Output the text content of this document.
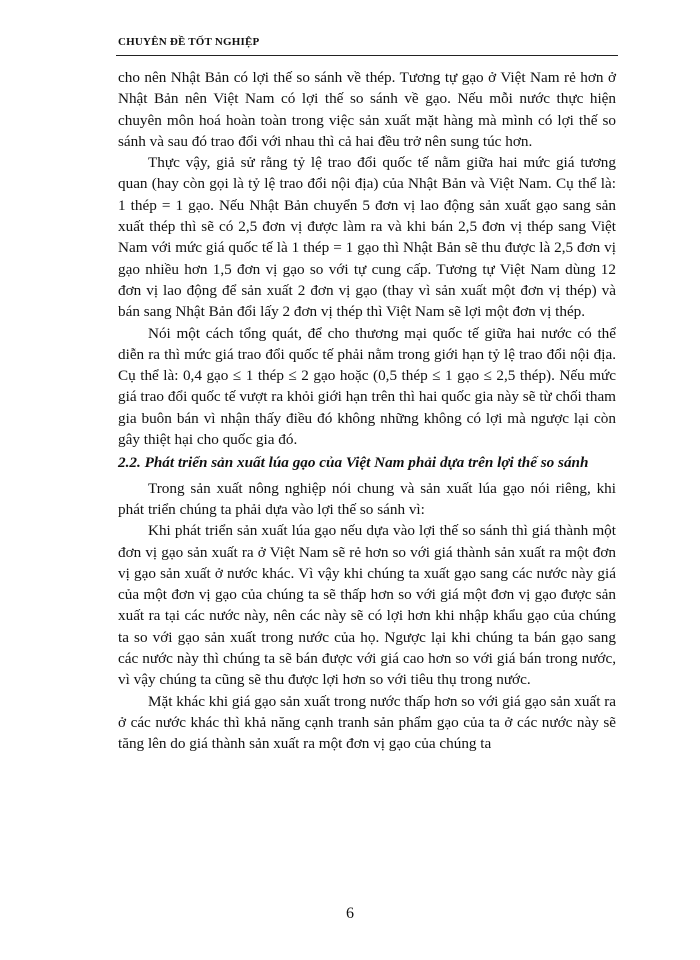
CHUYÊN ĐỀ TỐT NGHIỆP

cho nên Nhật Bản có lợi thế so sánh về thép. Tương tự gạo ở Việt Nam rẻ hơn ở Nhật Bản nên Việt Nam có lợi thế so sánh về gạo. Nếu mỗi nước thực hiện chuyên môn hoá hoàn toàn trong việc sản xuất mặt hàng mà mình có lợi thế so sánh và sau đó trao đổi với nhau thì cả hai đều trở nên sung túc hơn.

Thực vậy, giả sử rằng tỷ lệ trao đổi quốc tế nằm giữa hai mức giá tương quan (hay còn gọi là tỷ lệ trao đổi nội địa) của Nhật Bản và Việt Nam. Cụ thể là: 1 thép = 1 gạo. Nếu Nhật Bản chuyển 5 đơn vị lao động sản xuất gạo sang sản xuất thép thì sẽ có 2,5 đơn vị được làm ra và khi bán 2,5 đơn vị thép sang Việt Nam với mức giá quốc tế là 1 thép = 1 gạo thì Nhật Bản sẽ thu được là 2,5 đơn vị gạo nhiều hơn 1,5 đơn vị gạo so với tự cung cấp. Tương tự Việt Nam dùng 12 đơn vị lao động để sản xuất 2 đơn vị gạo (thay vì sản xuất một đơn vị thép) và bán sang Nhật Bản đổi lấy 2 đơn vị thép thì Việt Nam sẽ lợi một đơn vị thép.

Nói một cách tổng quát, để cho thương mại quốc tế giữa hai nước có thể diễn ra thì mức giá trao đổi quốc tế phải nằm trong giới hạn tỷ lệ trao đổi nội địa. Cụ thể là: 0,4 gạo ≤ 1 thép ≤ 2 gạo hoặc (0,5 thép ≤ 1 gạo ≤ 2,5 thép). Nếu mức giá trao đổi quốc tế vượt ra khỏi giới hạn trên thì hai quốc gia này sẽ từ chối tham gia buôn bán vì nhận thấy điều đó không những không có lợi mà ngược lại còn gây thiệt hại cho quốc gia đó.

2.2. Phát triển sản xuất lúa gạo của Việt Nam phải dựa trên lợi thế so sánh

Trong sản xuất nông nghiệp nói chung và sản xuất lúa gạo nói riêng, khi phát triển chúng ta phải dựa vào lợi thế so sánh vì:

Khi phát triển sản xuất lúa gạo nếu dựa vào lợi thế so sánh thì giá thành một đơn vị gạo sản xuất ra ở Việt Nam sẽ rẻ hơn so với giá thành sản xuất ra một đơn vị gạo sản xuất ở nước khác. Vì vậy khi chúng ta xuất gạo sang các nước này giá của một đơn vị gạo của chúng ta sẽ thấp hơn so với giá một đơn vị gạo được sản xuất ra tại các nước này, nên các này sẽ có lợi hơn khi nhập khẩu gạo của chúng ta so với gạo sản xuất trong nước của họ. Ngược lại khi chúng ta bán gạo sang các nước này thì chúng ta sẽ bán được với giá cao hơn so với giá bán trong nước, vì vậy chúng ta cũng sẽ thu được lợi hơn so với tiêu thụ trong nước.

Mặt khác khi giá gạo sản xuất trong nước thấp hơn so với giá gạo sản xuất ra ở các nước khác thì khả năng cạnh tranh sản phẩm gạo của ta ở các nước này sẽ tăng lên do giá thành sản xuất ra một đơn vị gạo của chúng ta

6
